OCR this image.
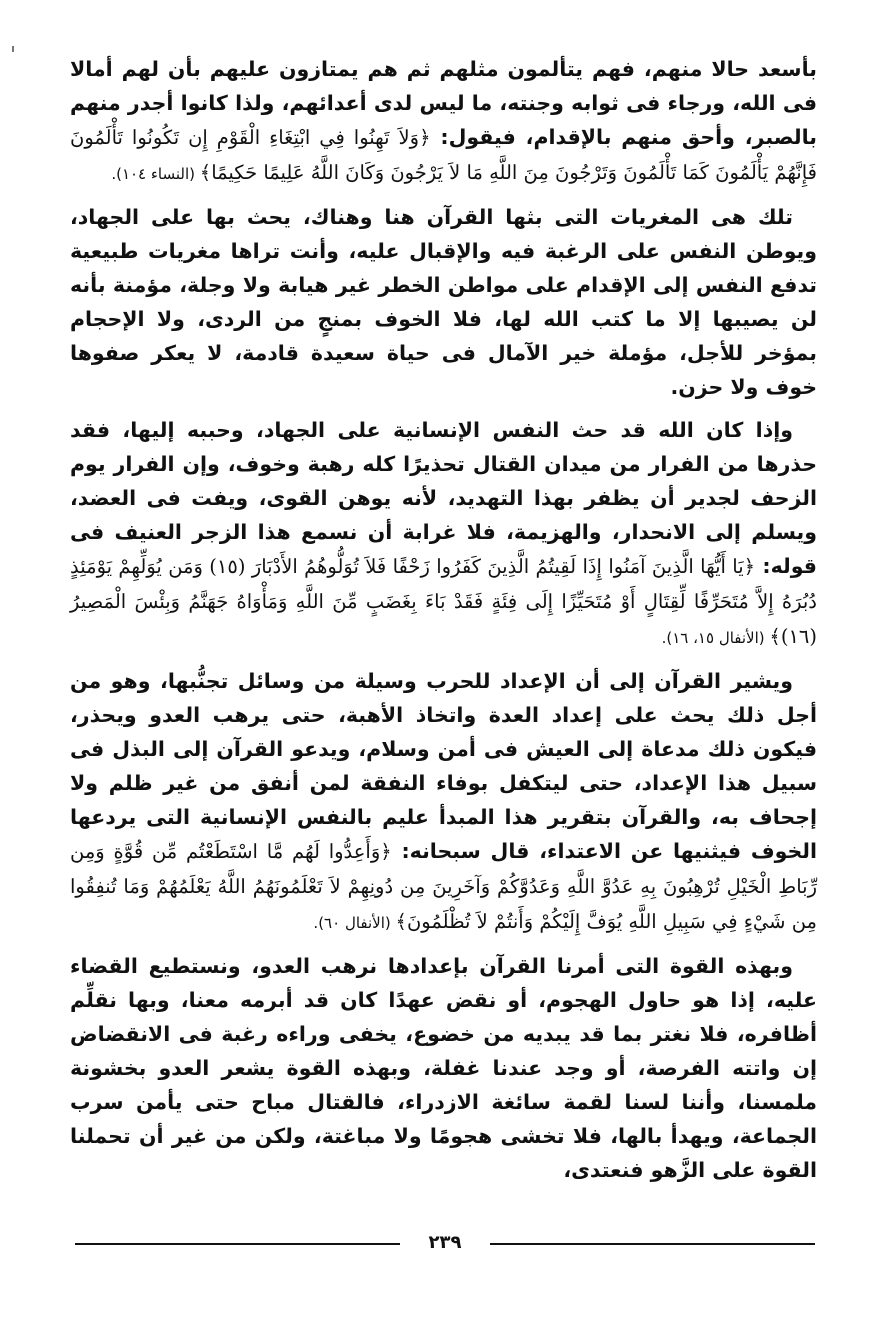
بأسعد حالا منهم، فهم يتألمون مثلهم ثم هم يمتازون عليهم بأن لهم أمالا فى الله، ورجاء فى ثوابه وجنته، ما ليس لدى أعدائهم، ولذا كانوا أجدر منهم بالصبر، وأحق منهم بالإقدام، فيقول: ﴿وَلاَ تَهِنُوا فِي ابْتِغَاءِ الْقَوْمِ إِن تَكُونُوا تَأْلَمُونَ فَإِنَّهُمْ يَأْلَمُونَ كَمَا تَأْلَمُونَ وَتَرْجُونَ مِنَ اللَّهِ مَا لاَ يَرْجُونَ وَكَانَ اللَّهُ عَلِيمًا حَكِيمًا﴾ (النساء ١٠٤).

تلك هى المغريات التى بثها القرآن هنا وهناك، يحث بها على الجهاد، ويوطن النفس على الرغبة فيه والإقبال عليه، وأنت تراها مغريات طبيعية تدفع النفس إلى الإقدام على مواطن الخطر غير هيابة ولا وجلة، مؤمنة بأنه لن يصيبها إلا ما كتب الله لها، فلا الخوف بمنجٍ من الردى، ولا الإحجام بمؤخر للأجل، مؤملة خير الآمال فى حياة سعيدة قادمة، لا يعكر صفوها خوف ولا حزن.

وإذا كان الله قد حث النفس الإنسانية على الجهاد، وحببه إليها، فقد حذرها من الفرار من ميدان القتال تحذيرًا كله رهبة وخوف، وإن الفرار يوم الزحف لجدير أن يظفر بهذا التهديد، لأنه يوهن القوى، ويفت فى العضد، ويسلم إلى الانحدار، والهزيمة، فلا غرابة أن نسمع هذا الزجر العنيف فى قوله: ﴿يَا أَيُّهَا الَّذِينَ آمَنُوا إِذَا لَقِيتُمُ الَّذِينَ كَفَرُوا زَحْفًا فَلاَ تُوَلُّوهُمُ الأَدْبَارَ (١٥) وَمَن يُوَلِّهِمْ يَوْمَئِذٍ دُبُرَهُ إِلاَّ مُتَحَرِّفًا لِّقِتَالٍ أَوْ مُتَحَيِّزًا إِلَى فِئَةٍ فَقَدْ بَاءَ بِغَضَبٍ مِّنَ اللَّهِ وَمَأْوَاهُ جَهَنَّمُ وَبِئْسَ الْمَصِيرُ (١٦)﴾ (الأنفال ١٥، ١٦).

ويشير القرآن إلى أن الإعداد للحرب وسيلة من وسائل تجنُّبها، وهو من أجل ذلك يحث على إعداد العدة واتخاذ الأهبة، حتى يرهب العدو ويحذر، فيكون ذلك مدعاة إلى العيش فى أمن وسلام، ويدعو القرآن إلى البذل فى سبيل هذا الإعداد، حتى ليتكفل بوفاء النفقة لمن أنفق من غير ظلم ولا إجحاف به، والقرآن بتقرير هذا المبدأ عليم بالنفس الإنسانية التى يردعها الخوف فيثنيها عن الاعتداء، قال سبحانه: ﴿وَأَعِدُّوا لَهُم مَّا اسْتَطَعْتُم مِّن قُوَّةٍ وَمِن رِّبَاطِ الْخَيْلِ تُرْهِبُونَ بِهِ عَدُوَّ اللَّهِ وَعَدُوَّكُمْ وَآخَرِينَ مِن دُونِهِمْ لاَ تَعْلَمُونَهُمُ اللَّهُ يَعْلَمُهُمْ وَمَا تُنفِقُوا مِن شَيْءٍ فِي سَبِيلِ اللَّهِ يُوَفَّ إِلَيْكُمْ وَأَنتُمْ لاَ تُظْلَمُونَ﴾ (الأنفال ٦٠).

وبهذه القوة التى أمرنا القرآن بإعدادها نرهب العدو، ونستطيع القضاء عليه، إذا هو حاول الهجوم، أو نقض عهدًا كان قد أبرمه معنا، وبها نقلِّم أظافره، فلا نغتر بما قد يبديه من خضوع، يخفى وراءه رغبة فى الانقضاض إن واتته الفرصة، أو وجد عندنا غفلة، وبهذه القوة يشعر العدو بخشونة ملمسنا، وأننا لسنا لقمة سائغة الازدراء، فالقتال مباح حتى يأمن سرب الجماعة، ويهدأ بالها، فلا تخشى هجومًا ولا مباغتة، ولكن من غير أن تحملنا القوة على الزَّهو فنعتدى،

٢٣٩
